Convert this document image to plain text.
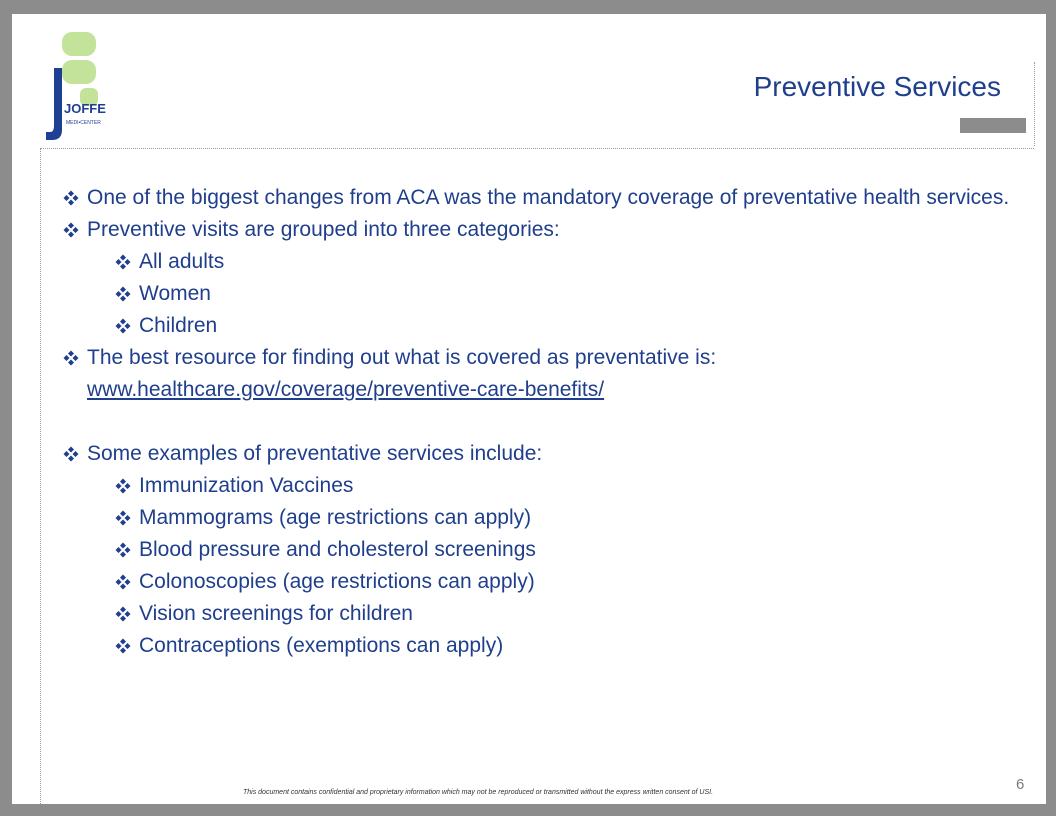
JOFFE
MEDI•CENTER
Preventive Services
One of the biggest changes from ACA was the mandatory coverage of preventative health services.
Preventive visits are grouped into three categories:
All adults
Women
Children
The best resource for finding out what is covered as preventative is:
www.healthcare.gov/coverage/preventive-care-benefits/
Some examples of preventative services include:
Immunization Vaccines
Mammograms (age restrictions can apply)
Blood pressure and cholesterol screenings
Colonoscopies (age restrictions can apply)
Vision screenings for children
Contraceptions (exemptions can apply)
This document contains confidential and proprietary information which may not be reproduced or transmitted without the express written consent of USI.	6
